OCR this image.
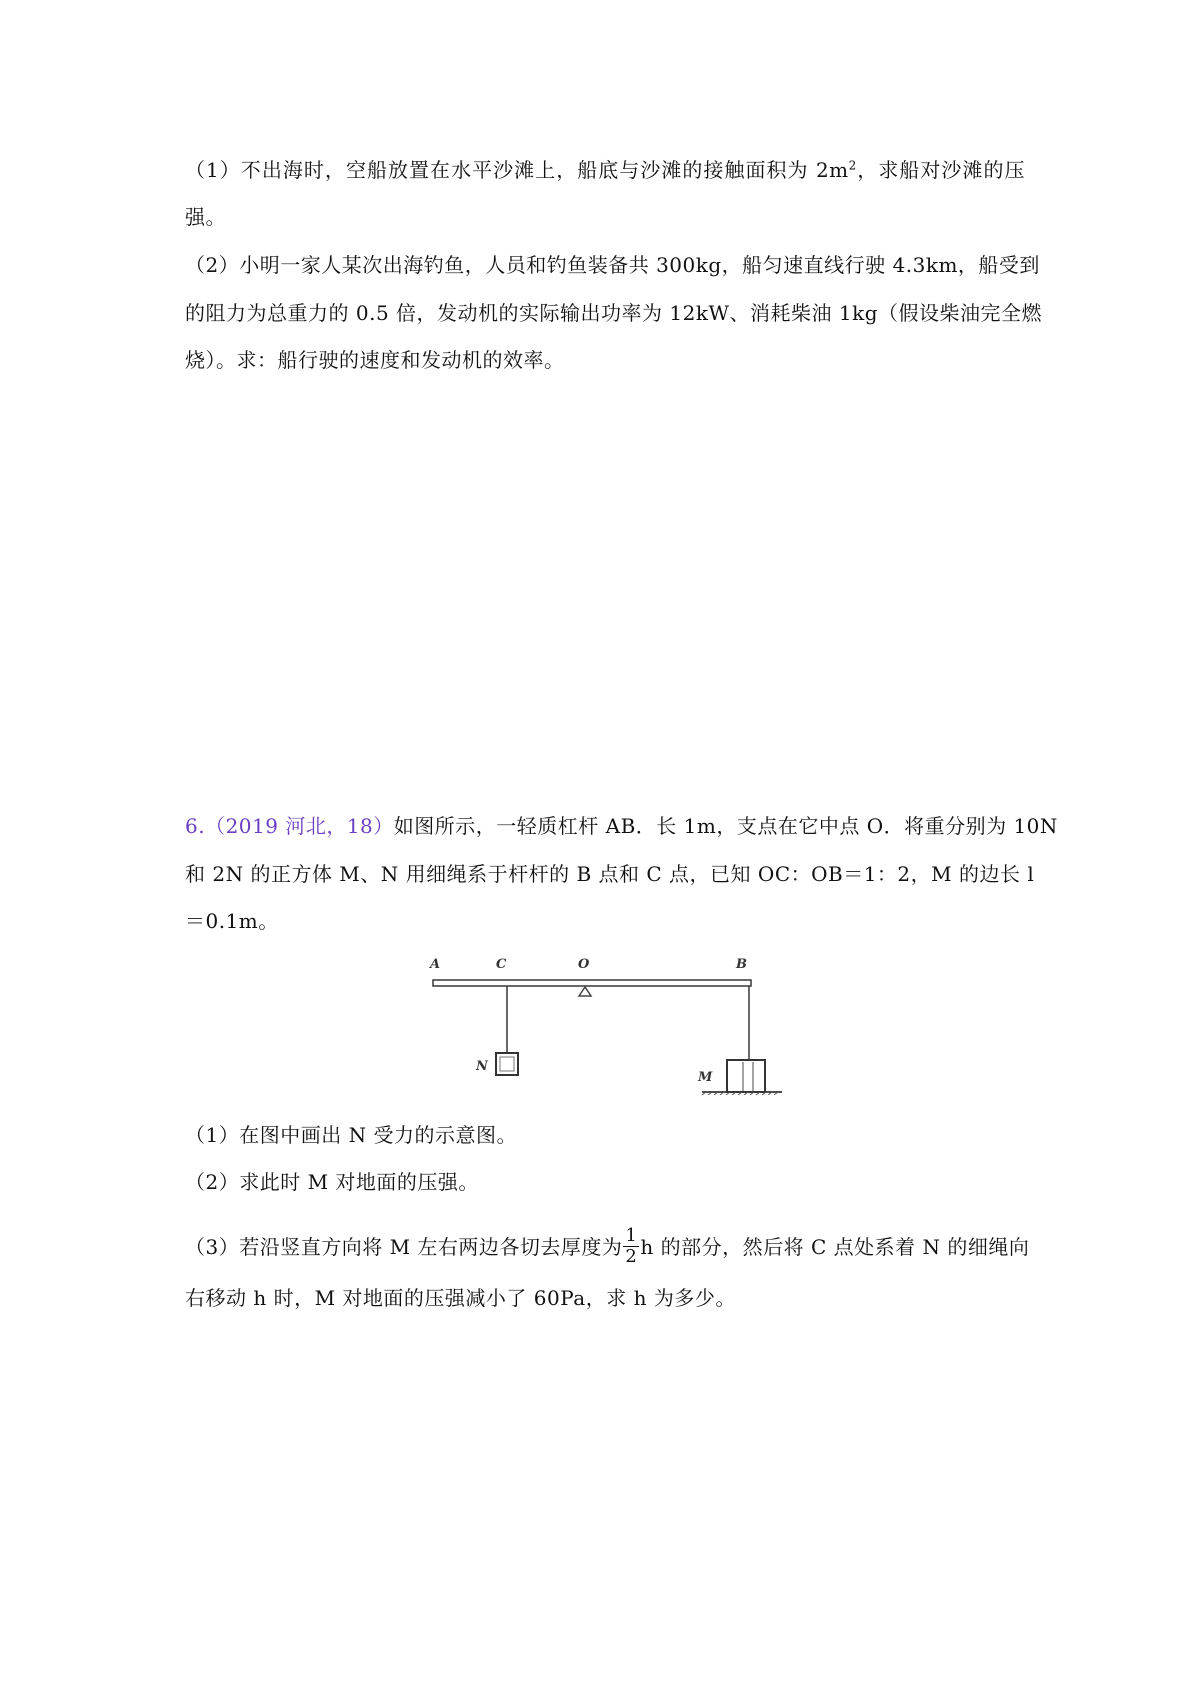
（1）不出海时，空船放置在水平沙滩上，船底与沙滩的接触面积为 $2m^2$，求船对沙滩的压
强。
（2）小明一家人某次出海钓鱼，人员和钓鱼装备共 300kg，船匀速直线行驶 4.3km，船受到
的阻力为总重力的 0.5 倍，发动机的实际输出功率为 12kW、消耗柴油 1kg（假设柴油完全燃
烧）。求：船行驶的速度和发动机的效率。
6.（2019 河北，18）如图所示，一轻质杠杆 AB．长 1m，支点在它中点 O．将重分别为 10N
和 2N 的正方体 M、N 用细绳系于杆杆的 B 点和 C 点，已知 OC：OB＝1：2，M 的边长 l
＝0.1m。
A	C	O	B
N
M
（1）在图中画出 N 受力的示意图。
（2）求此时 M 对地面的压强。
（3）若沿竖直方向将 M 左右两边各切去厚度为 $\frac{1}{2}$ h 的部分，然后将 C 点处系着 N 的细绳向
右移动 h 时，M 对地面的压强减小了 60Pa，求 h 为多少。
